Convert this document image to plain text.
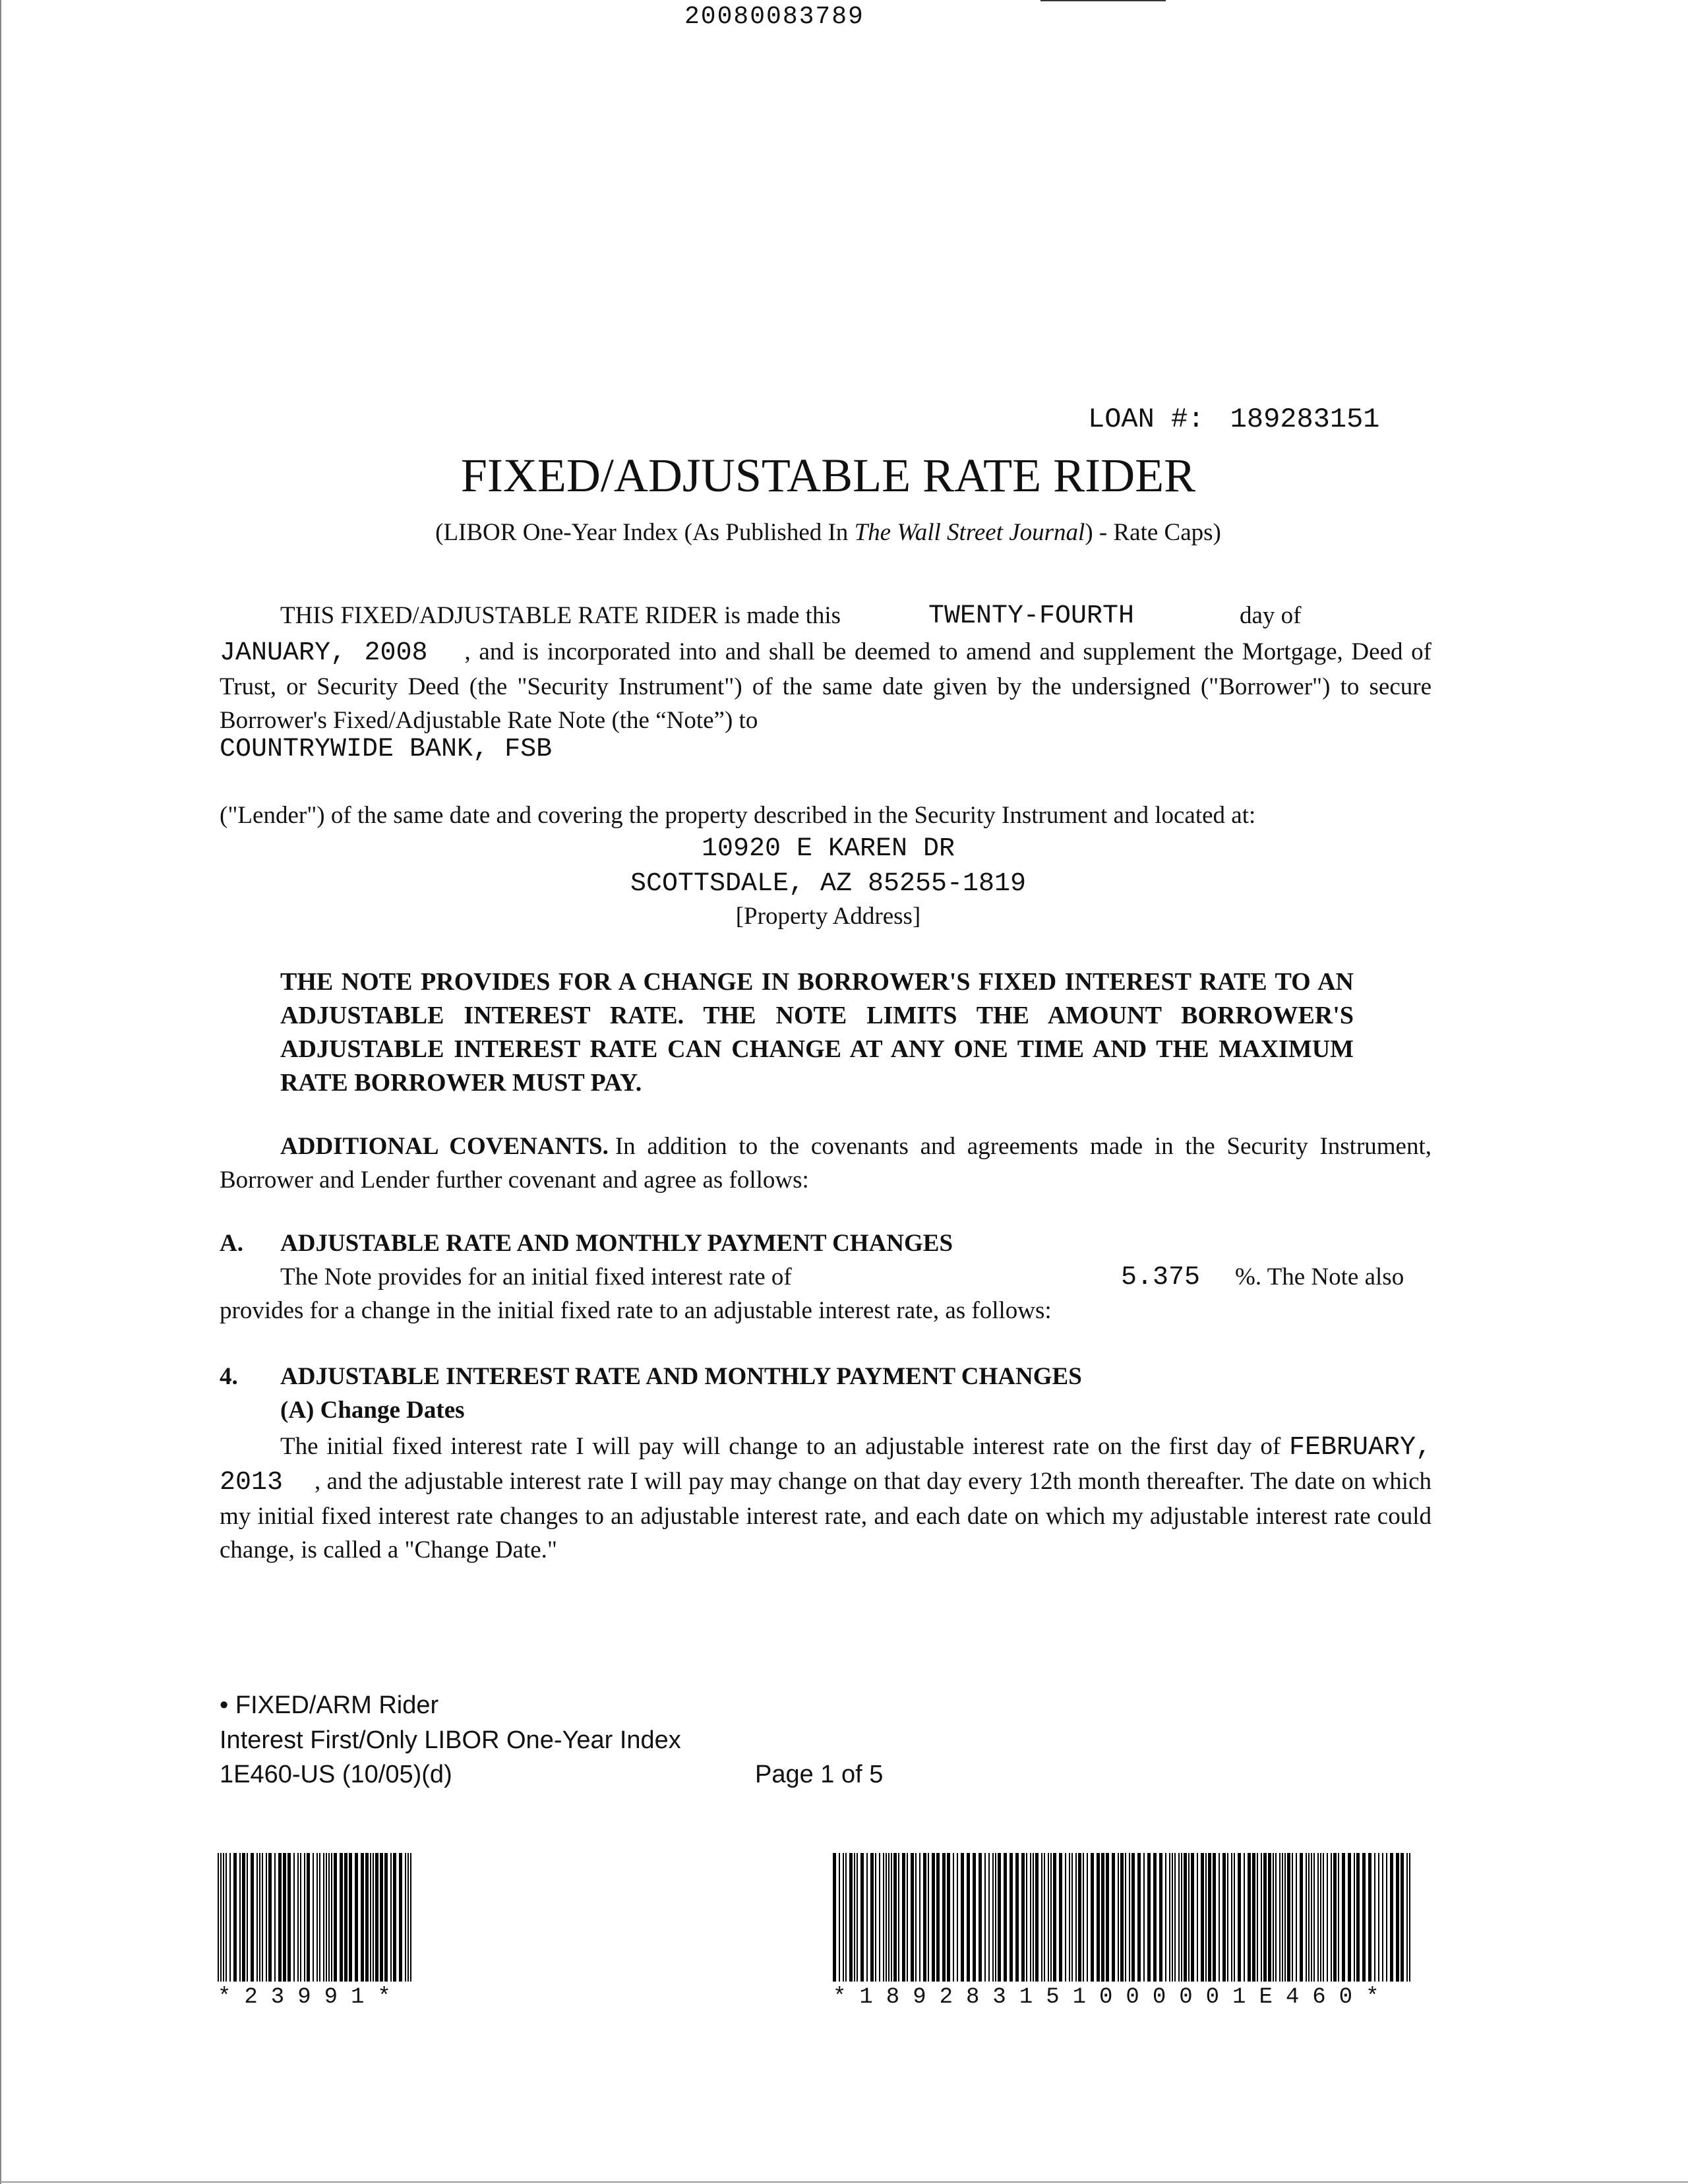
20080083789
LOAN #: 189283151
FIXED/ADJUSTABLE RATE RIDER
(LIBOR One-Year Index (As Published In The Wall Street Journal) - Rate Caps)
THIS FIXED/ADJUSTABLE RATE RIDER is made this	TWENTY-FOURTH	day of
JANUARY, 2008 , and is incorporated into and shall be deemed to amend and supplement the Mortgage, Deed of Trust, or Security Deed (the "Security Instrument") of the same date given by the undersigned ("Borrower") to secure Borrower's Fixed/Adjustable Rate Note (the “Note”) to
COUNTRYWIDE BANK, FSB
("Lender") of the same date and covering the property described in the Security Instrument and located at:
10920 E KAREN DR
SCOTTSDALE, AZ 85255-1819
[Property Address]
THE NOTE PROVIDES FOR A CHANGE IN BORROWER'S FIXED INTEREST RATE TO AN ADJUSTABLE INTEREST RATE. THE NOTE LIMITS THE AMOUNT BORROWER'S ADJUSTABLE INTEREST RATE CAN CHANGE AT ANY ONE TIME AND THE MAXIMUM RATE BORROWER MUST PAY.
ADDITIONAL COVENANTS. In addition to the covenants and agreements made in the Security Instrument, Borrower and Lender further covenant and agree as follows:
A. ADJUSTABLE RATE AND MONTHLY PAYMENT CHANGES
The Note provides for an initial fixed interest rate of	5.375 %. The Note also
provides for a change in the initial fixed rate to an adjustable interest rate, as follows:
4. ADJUSTABLE INTEREST RATE AND MONTHLY PAYMENT CHANGES
(A) Change Dates
The initial fixed interest rate I will pay will change to an adjustable interest rate on the first day of FEBRUARY, 2013 , and the adjustable interest rate I will pay may change on that day every 12th month thereafter. The date on which my initial fixed interest rate changes to an adjustable interest rate, and each date on which my adjustable interest rate could change, is called a "Change Date."
• FIXED/ARM Rider
Interest First/Only LIBOR One-Year Index
1E460-US (10/05)(d)	Page 1 of 5
*23991*	*189283151000001E460*
